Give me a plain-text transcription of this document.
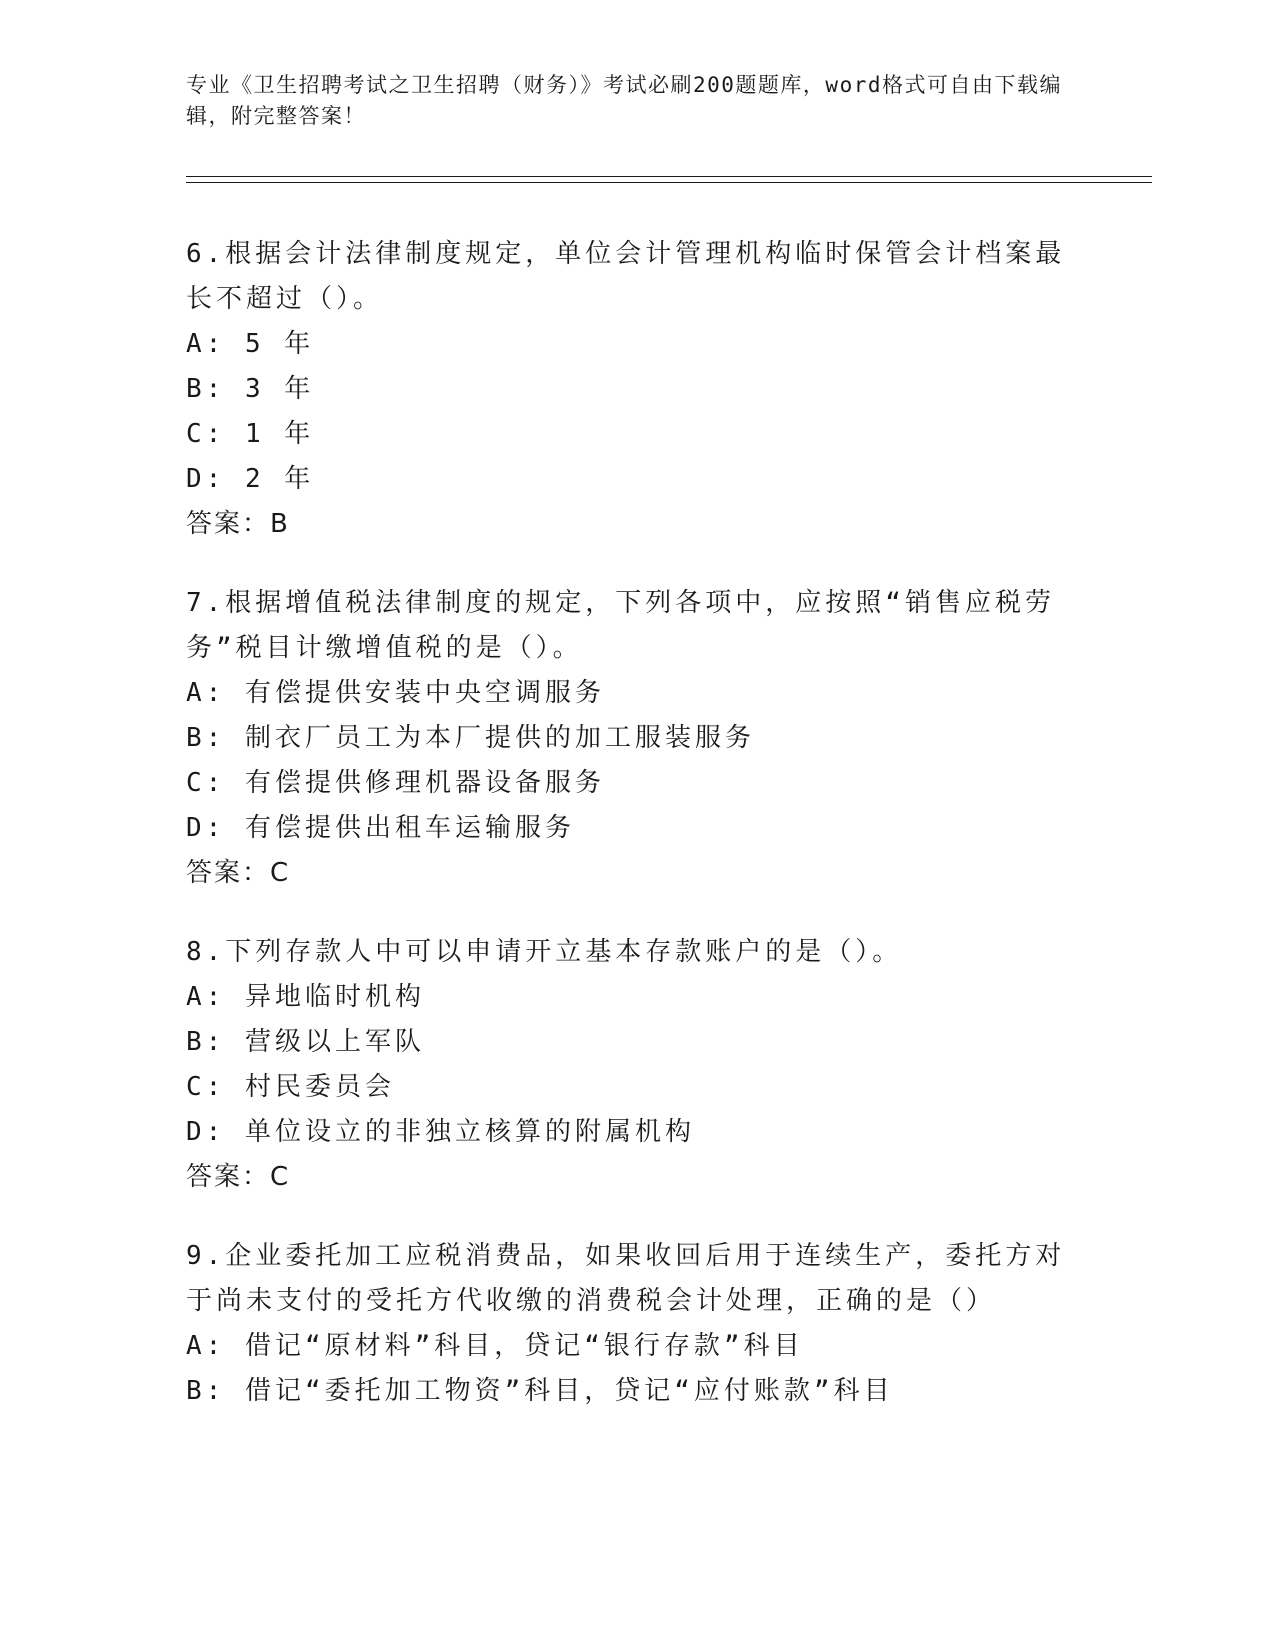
专业《卫生招聘考试之卫生招聘（财务）》考试必刷200题题库，word格式可自由下载编辑，附完整答案！
6.根据会计法律制度规定，单位会计管理机构临时保管会计档案最长不超过（）。
A: 5 年
B: 3 年
C: 1 年
D: 2 年
答案：B
7.根据增值税法律制度的规定，下列各项中，应按照“销售应税劳务”税目计缴增值税的是（）。
A: 有偿提供安装中央空调服务
B: 制衣厂员工为本厂提供的加工服装服务
C: 有偿提供修理机器设备服务
D: 有偿提供出租车运输服务
答案：C
8.下列存款人中可以申请开立基本存款账户的是（）。
A: 异地临时机构
B: 营级以上军队
C: 村民委员会
D: 单位设立的非独立核算的附属机构
答案：C
9.企业委托加工应税消费品，如果收回后用于连续生产，委托方对于尚未支付的受托方代收缴的消费税会计处理，正确的是（）
A: 借记“原材料”科目，贷记“银行存款”科目
B: 借记“委托加工物资”科目，贷记“应付账款”科目
